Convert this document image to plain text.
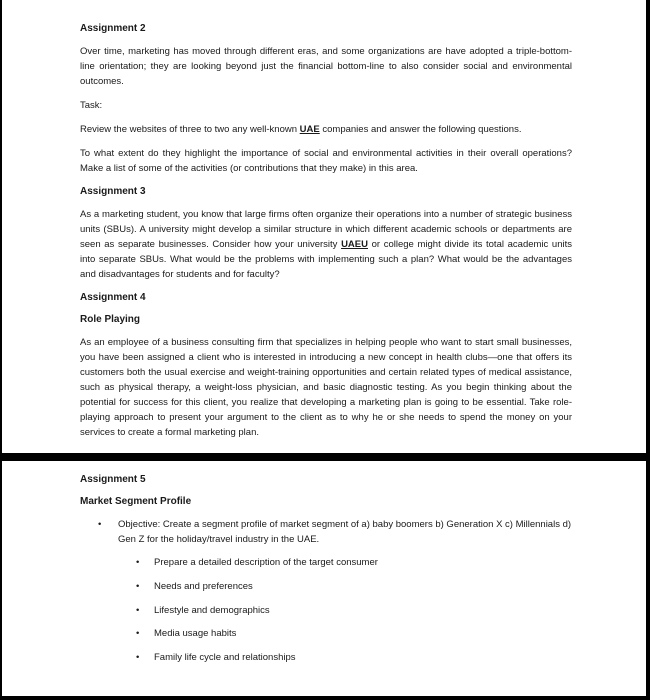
Assignment 2
Over time, marketing has moved through different eras, and some organizations are have adopted a triple-bottom-line orientation; they are looking beyond just the financial bottom-line to also consider social and environmental outcomes.
Task:
Review the websites of three to two any well-known UAE companies and answer the following questions.
To what extent do they highlight the importance of social and environmental activities in their overall operations? Make a list of some of the activities (or contributions that they make) in this area.
Assignment 3
As a marketing student, you know that large firms often organize their operations into a number of strategic business units (SBUs). A university might develop a similar structure in which different academic schools or departments are seen as separate businesses. Consider how your university UAEU or college might divide its total academic units into separate SBUs. What would be the problems with implementing such a plan? What would be the advantages and disadvantages for students and for faculty?
Assignment 4
Role Playing
As an employee of a business consulting firm that specializes in helping people who want to start small businesses, you have been assigned a client who is interested in introducing a new concept in health clubs—one that offers its customers both the usual exercise and weight-training opportunities and certain related types of medical assistance, such as physical therapy, a weight-loss physician, and basic diagnostic testing. As you begin thinking about the potential for success for this client, you realize that developing a marketing plan is going to be essential. Take role-playing approach to present your argument to the client as to why he or she needs to spend the money on your services to create a formal marketing plan.
Assignment 5
Market Segment Profile
•	Objective: Create a segment profile of market segment of a) baby boomers b) Generation X c) Millennials d) Gen Z for the holiday/travel industry in the UAE.
•	Prepare a detailed description of the target consumer
•	Needs and preferences
•	Lifestyle and demographics
•	Media usage habits
•	Family life cycle and relationships
